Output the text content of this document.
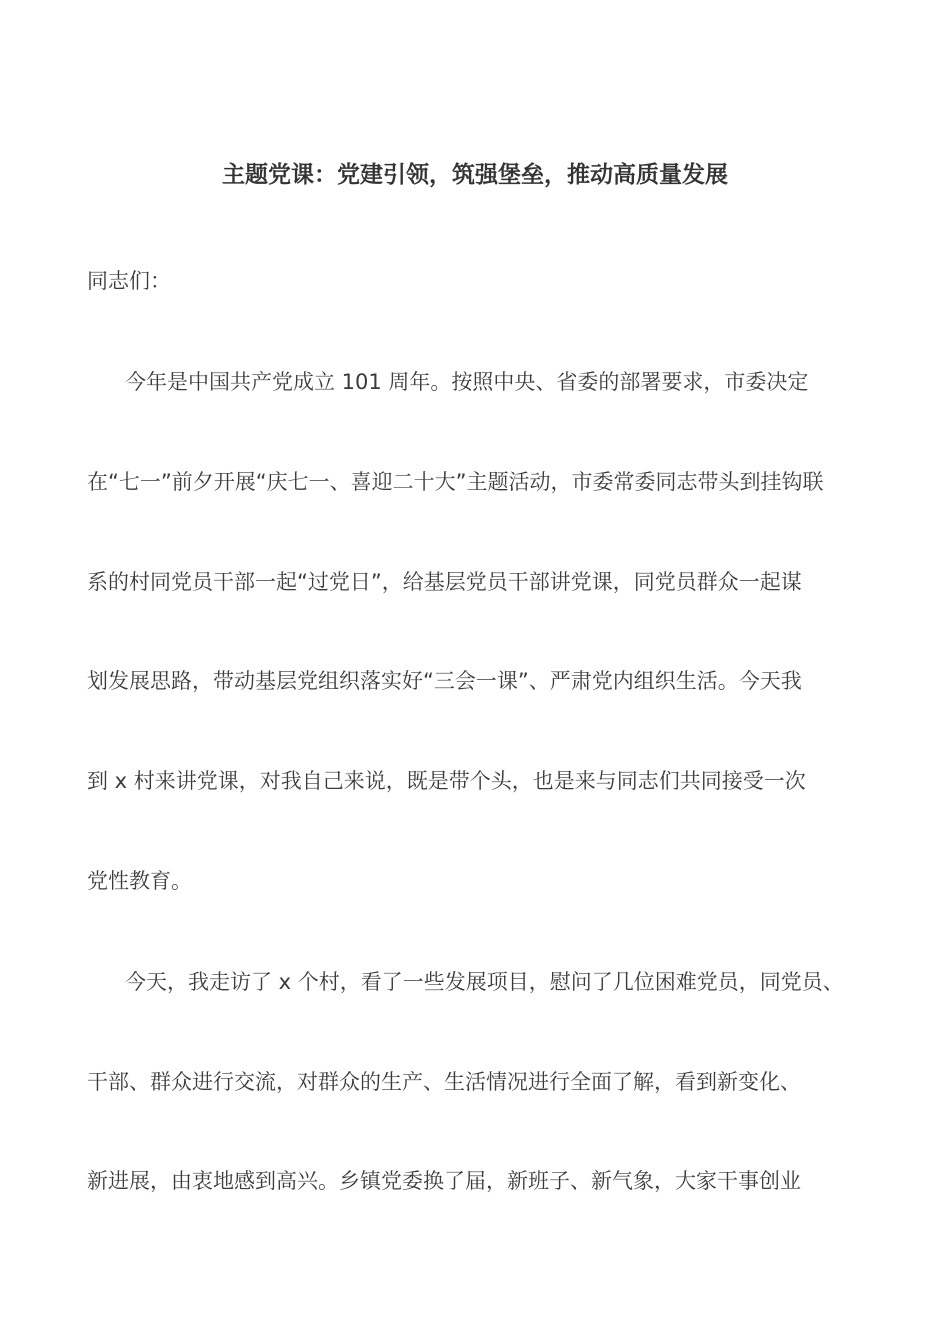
主题党课：党建引领，筑强堡垒，推动高质量发展
同志们：
今年是中国共产党成立 101 周年。按照中央、省委的部署要求，市委决定
在“七一”前夕开展“庆七一、喜迎二十大”主题活动，市委常委同志带头到挂钩联
系的村同党员干部一起“过党日”，给基层党员干部讲党课，同党员群众一起谋
划发展思路，带动基层党组织落实好“三会一课”、严肃党内组织生活。今天我
到 x 村来讲党课，对我自己来说，既是带个头，也是来与同志们共同接受一次
党性教育。
今天，我走访了 x 个村，看了一些发展项目，慰问了几位困难党员，同党员、
干部、群众进行交流，对群众的生产、生活情况进行全面了解，看到新变化、
新进展，由衷地感到高兴。乡镇党委换了届，新班子、新气象，大家干事创业
